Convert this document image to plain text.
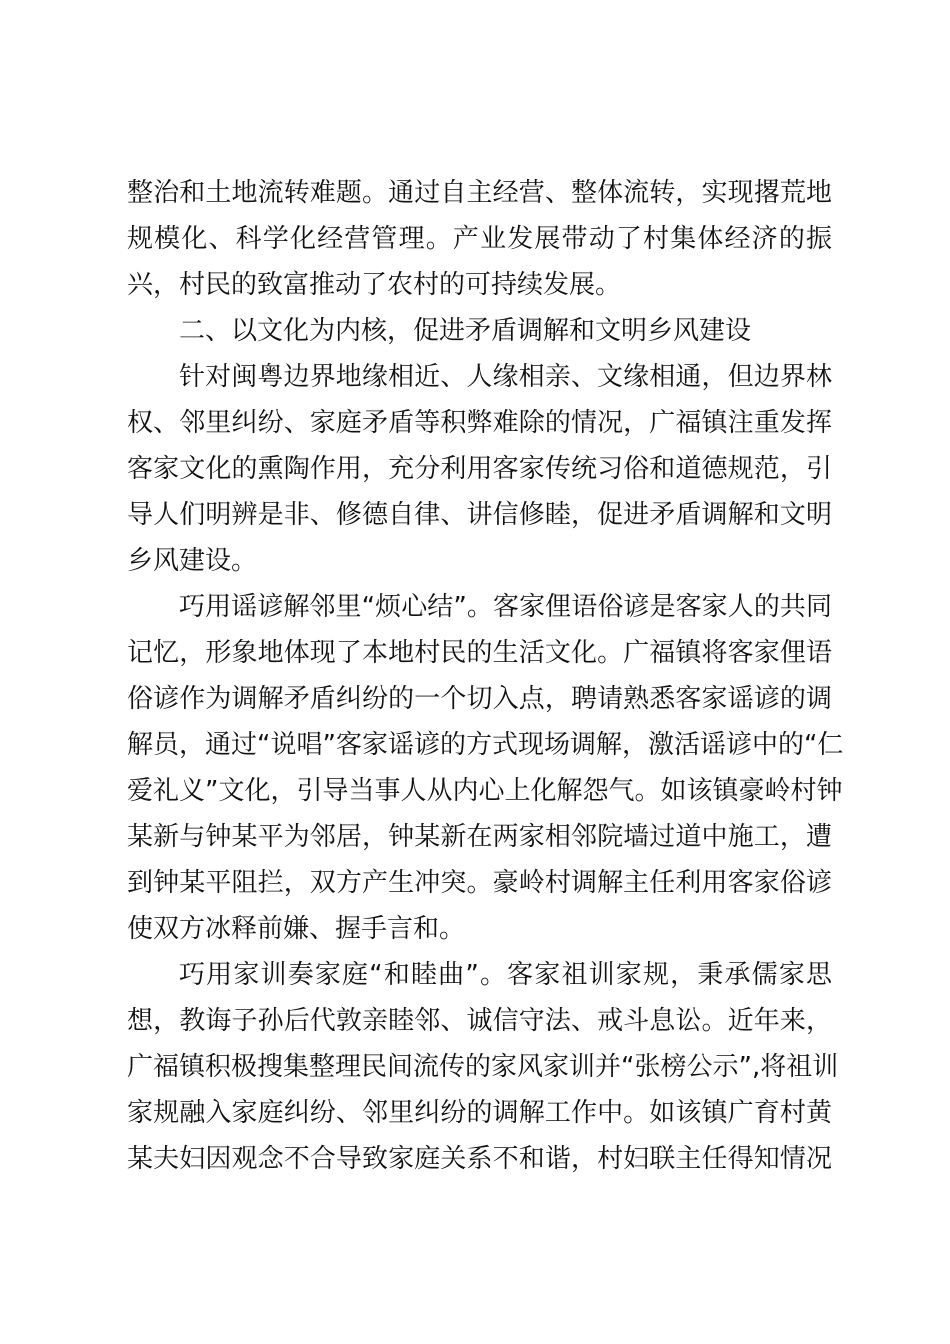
整治和土地流转难题。通过自主经营、整体流转，实现撂荒地
规模化、科学化经营管理。产业发展带动了村集体经济的振
兴，村民的致富推动了农村的可持续发展。
二、以文化为内核，促进矛盾调解和文明乡风建设
针对闽粤边界地缘相近、人缘相亲、文缘相通，但边界林
权、邻里纠纷、家庭矛盾等积弊难除的情况，广福镇注重发挥
客家文化的熏陶作用，充分利用客家传统习俗和道德规范，引
导人们明辨是非、修德自律、讲信修睦，促进矛盾调解和文明
乡风建设。
巧用谣谚解邻里“烦心结”。客家俚语俗谚是客家人的共同
记忆，形象地体现了本地村民的生活文化。广福镇将客家俚语
俗谚作为调解矛盾纠纷的一个切入点，聘请熟悉客家谣谚的调
解员，通过“说唱”客家谣谚的方式现场调解，激活谣谚中的“仁
爱礼义”文化，引导当事人从内心上化解怨气。如该镇豪岭村钟
某新与钟某平为邻居，钟某新在两家相邻院墙过道中施工，遭
到钟某平阻拦，双方产生冲突。豪岭村调解主任利用客家俗谚
使双方冰释前嫌、握手言和。
巧用家训奏家庭“和睦曲”。客家祖训家规，秉承儒家思
想，教诲子孙后代敦亲睦邻、诚信守法、戒斗息讼。近年来，
广福镇积极搜集整理民间流传的家风家训并“张榜公示”,将祖训
家规融入家庭纠纷、邻里纠纷的调解工作中。如该镇广育村黄
某夫妇因观念不合导致家庭关系不和谐，村妇联主任得知情况
